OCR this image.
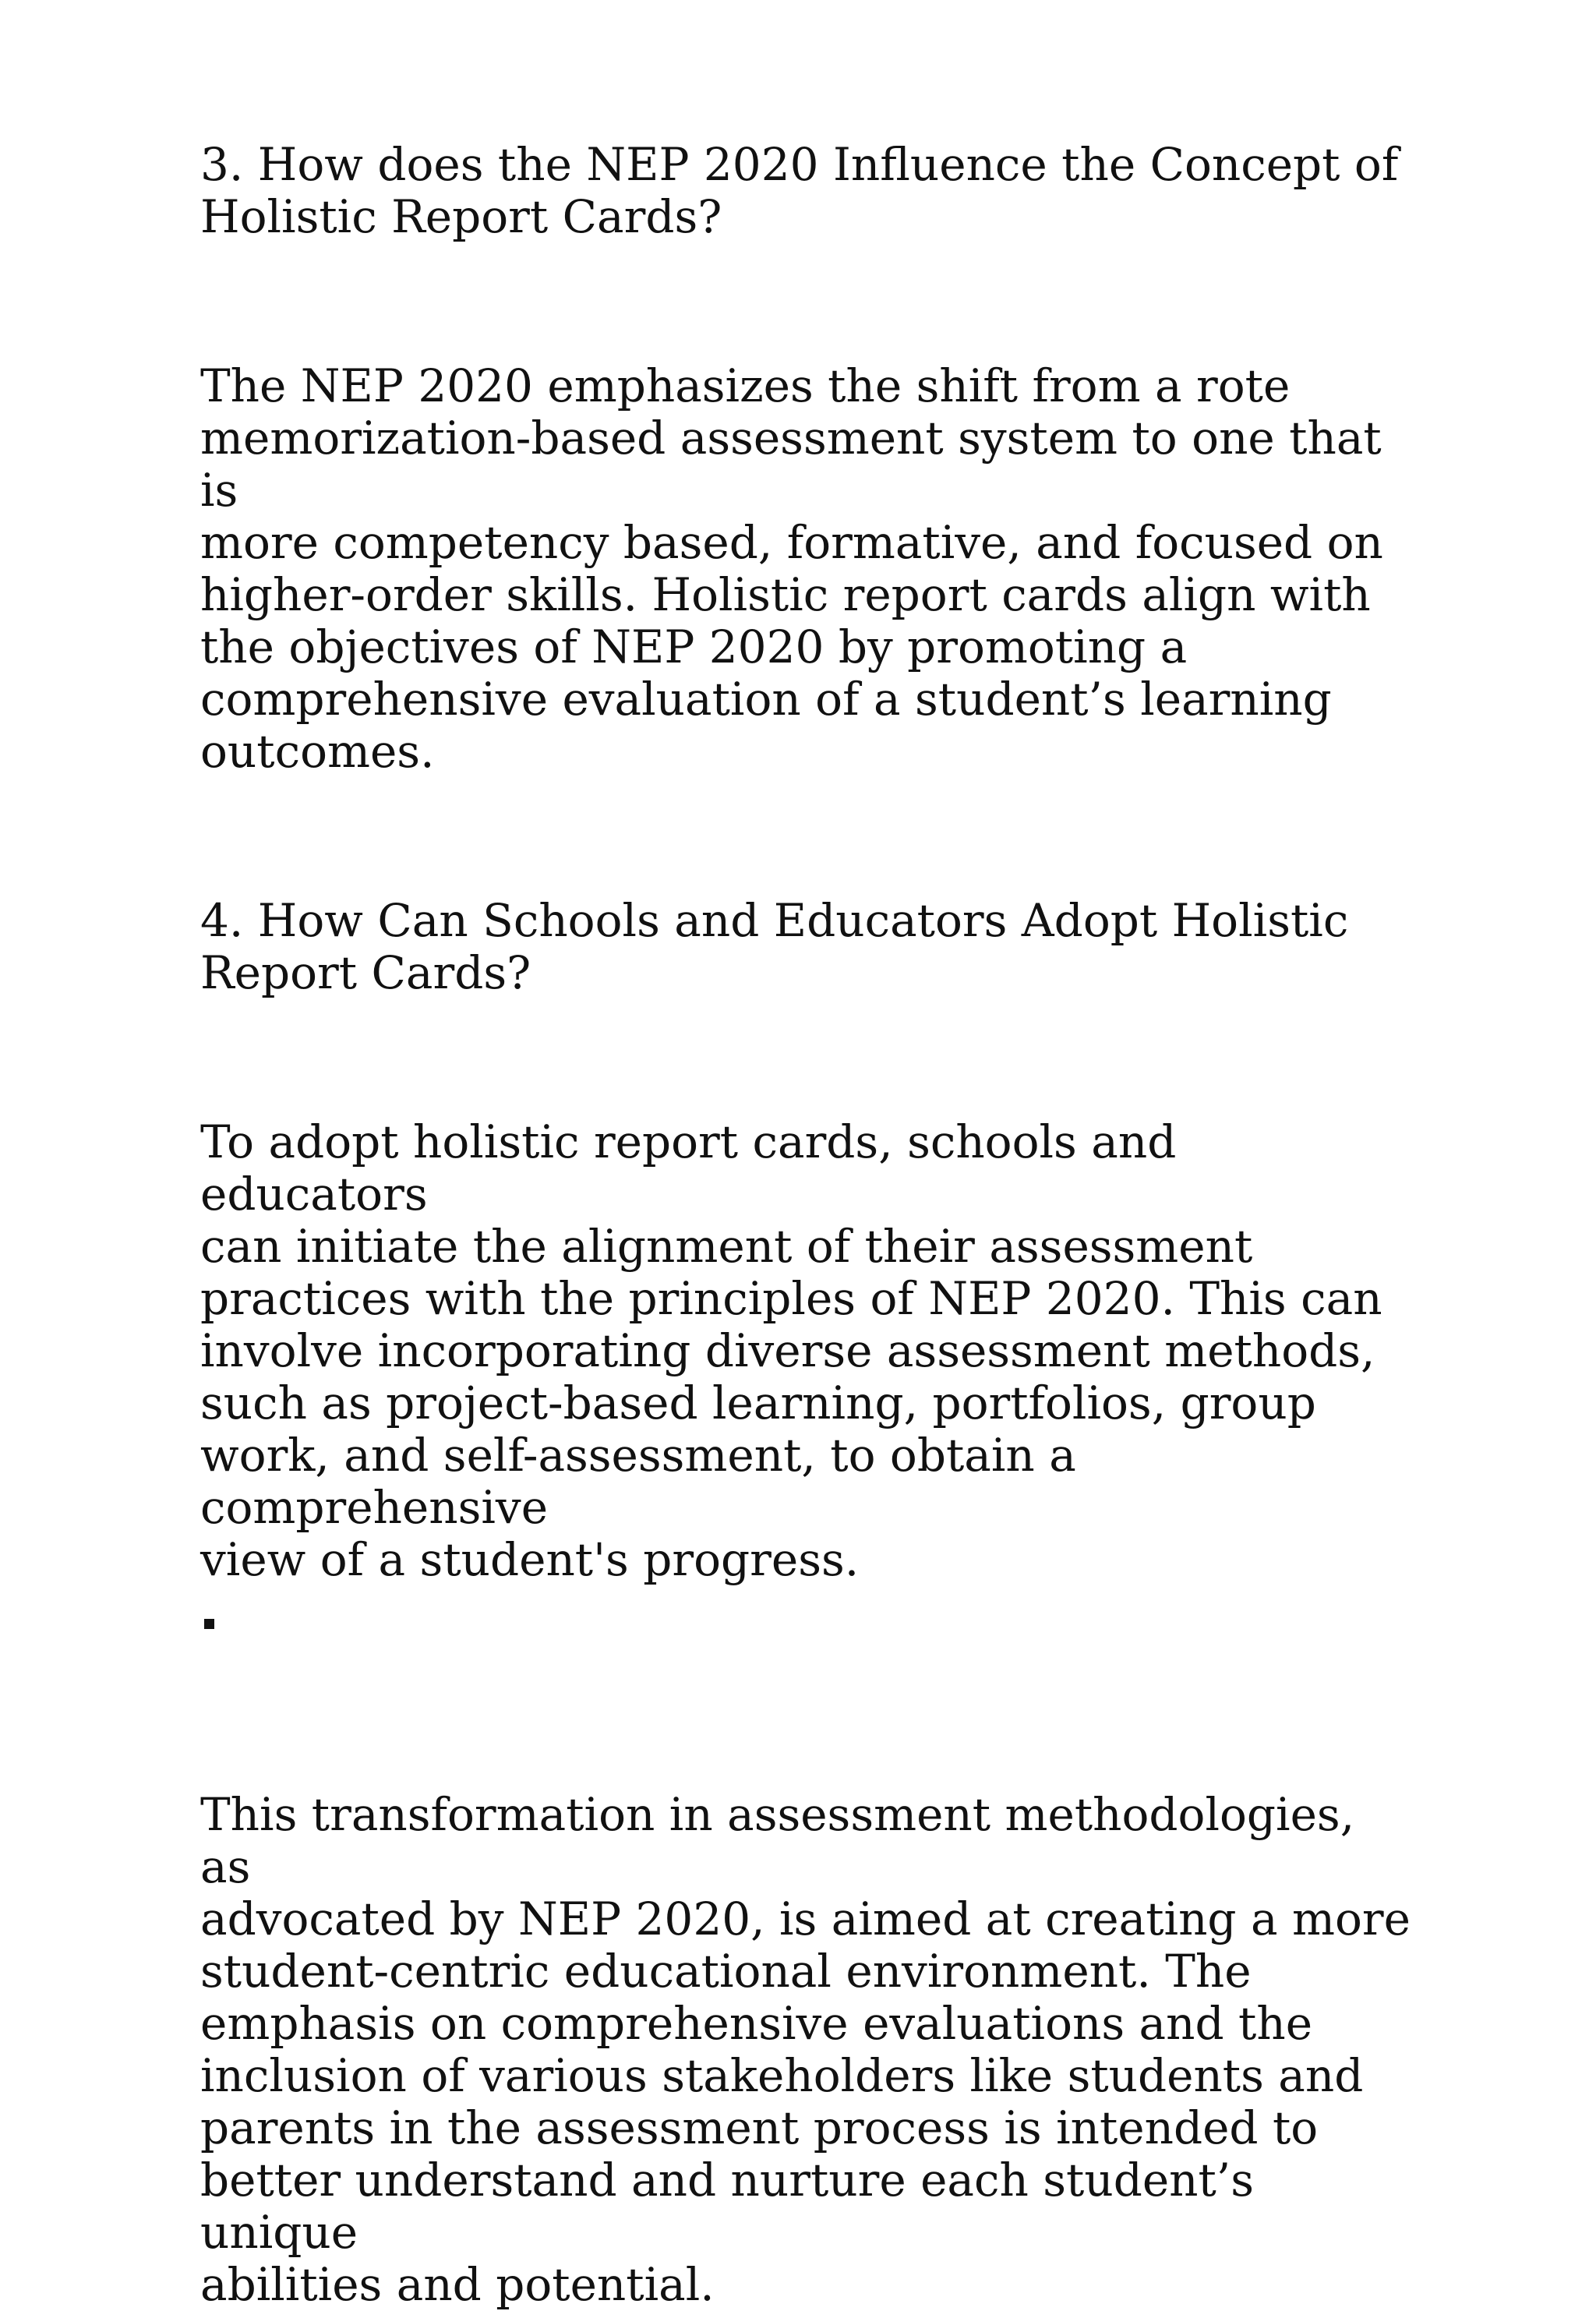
3. How does the NEP 2020 Influence the Concept of
Holistic Report Cards?

The NEP 2020 emphasizes the shift from a rote
memorization-based assessment system to one that is
more competency based, formative, and focused on
higher-order skills. Holistic report cards align with
the objectives of NEP 2020 by promoting a
comprehensive evaluation of a student’s learning
outcomes.

4. How Can Schools and Educators Adopt Holistic
Report Cards?

To adopt holistic report cards, schools and educators
can initiate the alignment of their assessment
practices with the principles of NEP 2020. This can
involve incorporating diverse assessment methods,
such as project-based learning, portfolios, group
work, and self-assessment, to obtain a comprehensive
view of a student's progress.

This transformation in assessment methodologies, as
advocated by NEP 2020, is aimed at creating a more
student-centric educational environment. The
emphasis on comprehensive evaluations and the
inclusion of various stakeholders like students and
parents in the assessment process is intended to
better understand and nurture each student’s unique
abilities and potential.
